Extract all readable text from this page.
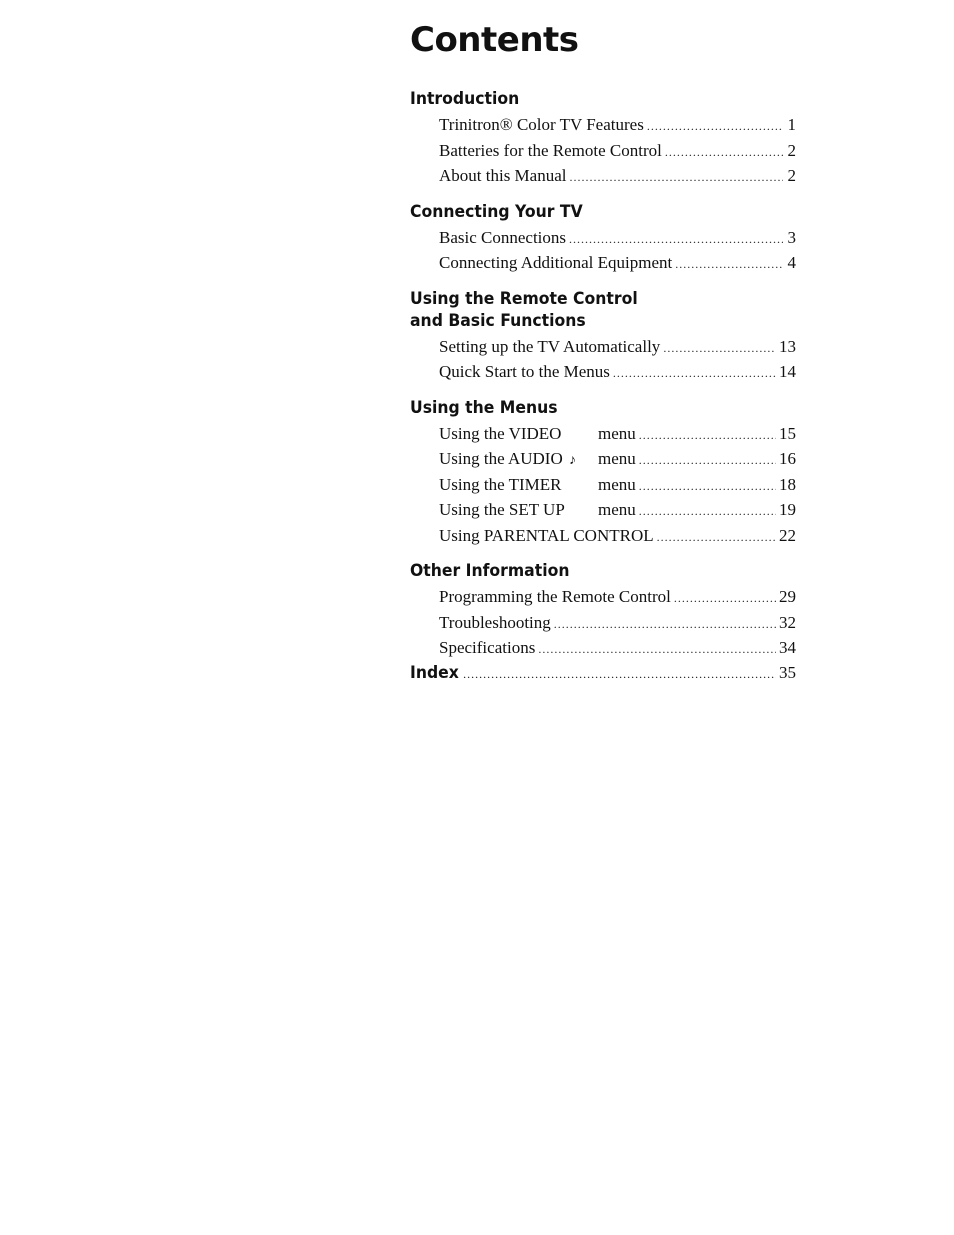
Contents
Introduction
Trinitron® Color TV Features .....	1
Batteries for the Remote Control .....	2
About this Manual .....	2
Connecting Your TV
Basic Connections .....	3
Connecting Additional Equipment .....	4
Using the Remote Control
and Basic Functions
Setting up the TV Automatically .....	13
Quick Start to the Menus .....	14
Using the Menus
Using the VIDEO	menu .....	15
Using the AUDIO ♪	menu .....	16
Using the TIMER	menu .....	18
Using the SET UP	menu .....	19
Using PARENTAL CONTROL .....	22
Other Information
Programming the Remote Control .....	29
Troubleshooting .....	32
Specifications .....	34
Index .....	35
